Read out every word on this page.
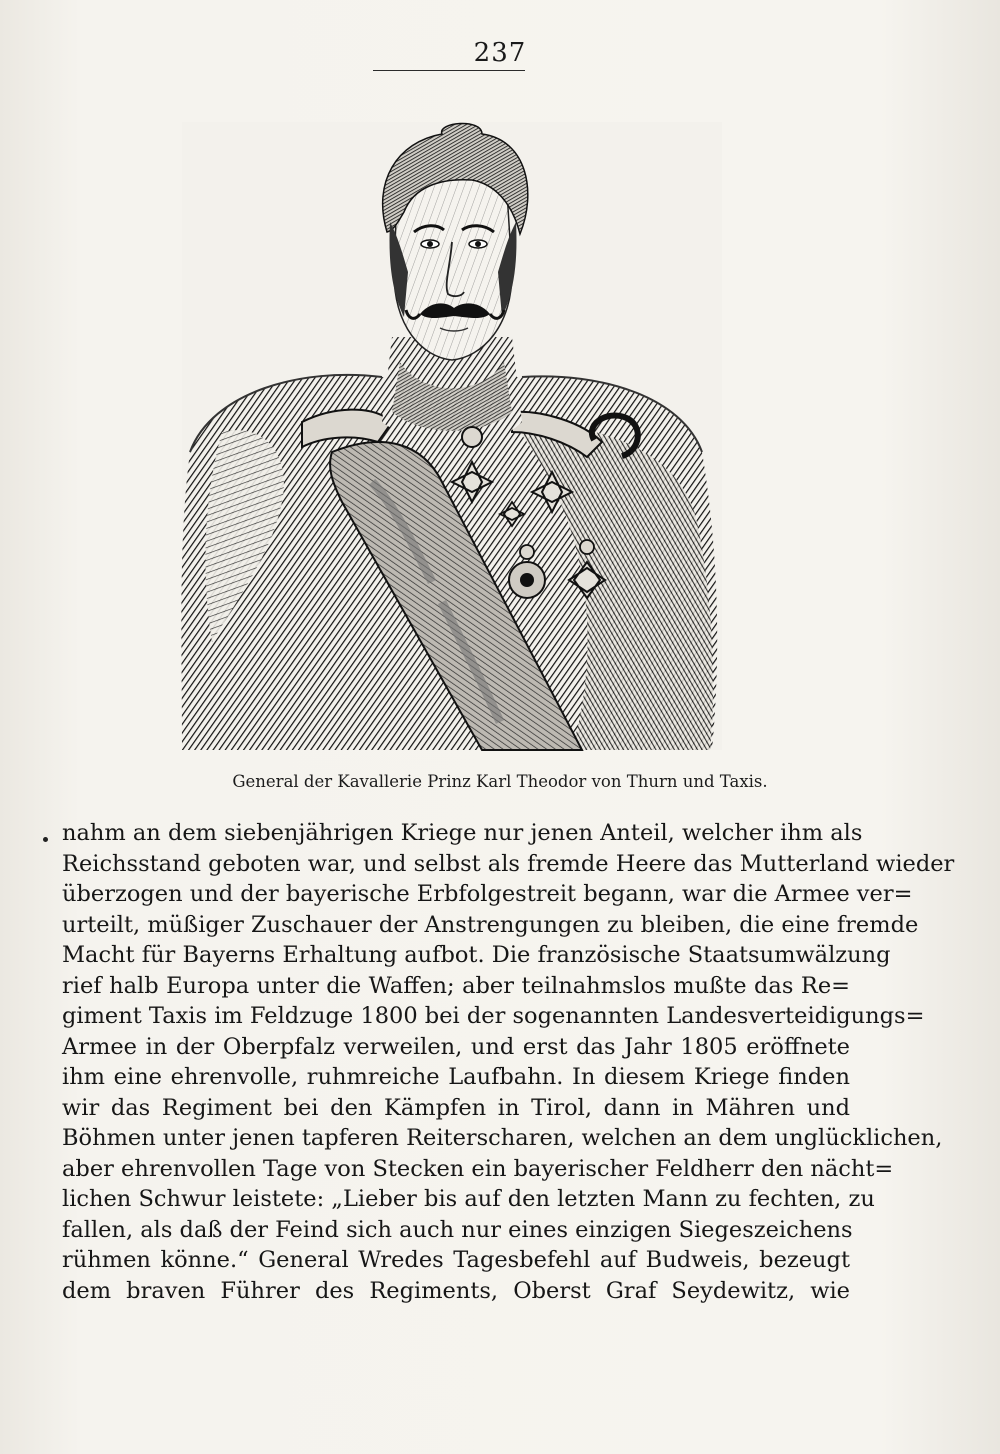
237
General der Kavallerie Prinz Karl Theodor von Thurn und Taxis.
nahm an dem siebenjährigen Kriege nur jenen Anteil, welcher ihm als
Reichsstand geboten war, und selbst als fremde Heere das Mutterland wieder
überzogen und der bayerische Erbfolgestreit begann, war die Armee ver=
urteilt, müßiger Zuschauer der Anstrengungen zu bleiben, die eine fremde
Macht für Bayerns Erhaltung aufbot. Die französische Staatsumwälzung
rief halb Europa unter die Waffen; aber teilnahmslos mußte das Re=
giment Taxis im Feldzuge 1800 bei der sogenannten Landesverteidigungs=
Armee in der Oberpfalz verweilen, und erst das Jahr 1805 eröffnete
ihm eine ehrenvolle, ruhmreiche Laufbahn. In diesem Kriege finden
wir das Regiment bei den Kämpfen in Tirol, dann in Mähren und
Böhmen unter jenen tapferen Reiterscharen, welchen an dem unglücklichen,
aber ehrenvollen Tage von Stecken ein bayerischer Feldherr den nächt=
lichen Schwur leistete: „Lieber bis auf den letzten Mann zu fechten, zu
fallen, als daß der Feind sich auch nur eines einzigen Siegeszeichens
rühmen könne.“ General Wredes Tagesbefehl auf Budweis, bezeugt
dem braven Führer des Regiments, Oberst Graf Seydewitz, wie
